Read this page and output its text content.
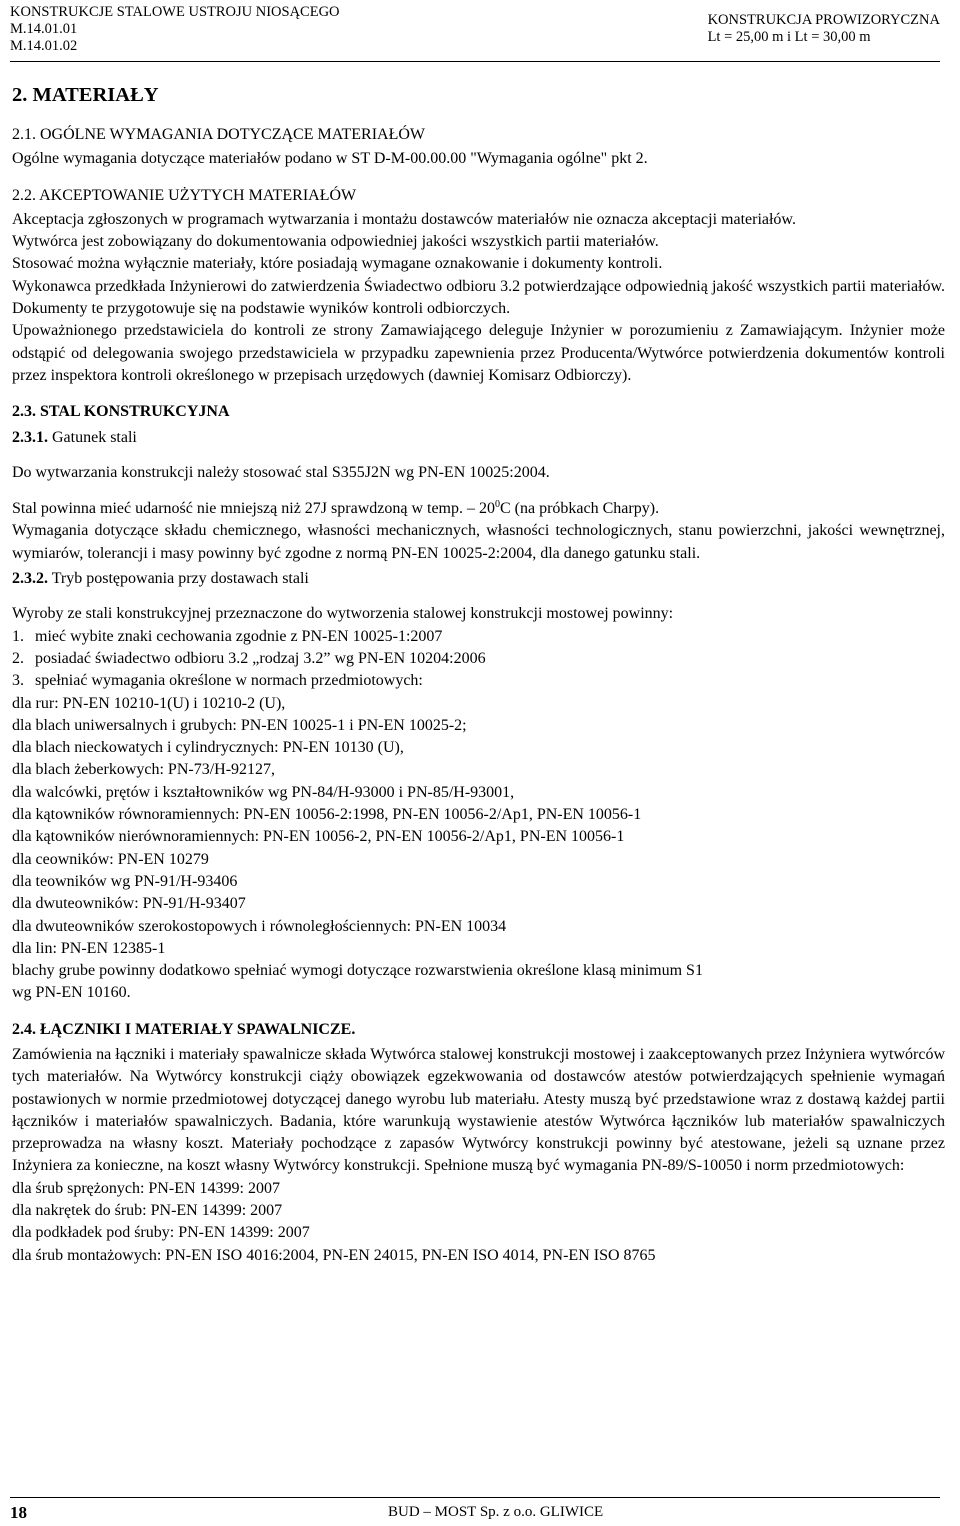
KONSTRUKCJE STALOWE USTROJU NIOSĄCEGO
M.14.01.01
M.14.01.02
KONSTRUKCJA PROWIZORYCZNA
Lt = 25,00 m i Lt = 30,00 m

2. MATERIAŁY

2.1. OGÓLNE WYMAGANIA DOTYCZĄCE MATERIAŁÓW

Ogólne wymagania dotyczące materiałów podano w ST D-M-00.00.00 "Wymagania ogólne" pkt 2.

2.2. AKCEPTOWANIE UŻYTYCH MATERIAŁÓW

Akceptacja zgłoszonych w programach wytwarzania i montażu dostawców materiałów nie oznacza akceptacji materiałów.

Wytwórca jest zobowiązany do dokumentowania odpowiedniej jakości wszystkich partii materiałów.

Stosować można wyłącznie materiały, które posiadają wymagane oznakowanie i dokumenty kontroli.

Wykonawca przedkłada Inżynierowi do zatwierdzenia Świadectwo odbioru 3.2 potwierdzające odpowiednią jakość wszystkich partii materiałów. Dokumenty te przygotowuje się na podstawie wyników kontroli odbiorczych.

Upoważnionego przedstawiciela do kontroli ze strony Zamawiającego deleguje Inżynier w porozumieniu z Zamawiającym. Inżynier może odstąpić od delegowania swojego przedstawiciela w przypadku zapewnienia przez Producenta/Wytwórce potwierdzenia dokumentów kontroli przez inspektora kontroli określonego w przepisach urzędowych (dawniej Komisarz Odbiorczy).

2.3. STAL KONSTRUKCYJNA

2.3.1. Gatunek stali

Do wytwarzania konstrukcji należy stosować stal S355J2N wg PN-EN 10025:2004.

Stal powinna mieć udarność nie mniejszą niż 27J sprawdzoną w temp. – $20^0C$ (na próbkach Charpy).

Wymagania dotyczące składu chemicznego, własności mechanicznych, własności technologicznych, stanu powierzchni, jakości wewnętrznej, wymiarów, tolerancji i masy powinny być zgodne z normą PN-EN 10025-2:2004, dla danego gatunku stali.

2.3.2. Tryb postępowania przy dostawach stali

Wyroby ze stali konstrukcyjnej przeznaczone do wytworzenia stalowej konstrukcji mostowej powinny:

1. mieć wybite znaki cechowania zgodnie z PN-EN 10025-1:2007

2. posiadać świadectwo odbioru 3.2 „rodzaj 3.2” wg PN-EN 10204:2006

3. spełniać wymagania określone w normach przedmiotowych:

dla rur: PN-EN 10210-1(U) i 10210-2 (U),

dla blach uniwersalnych i grubych: PN-EN 10025-1 i PN-EN 10025-2;

dla blach nieckowatych i cylindrycznych: PN-EN 10130 (U),

dla blach żeberkowych: PN-73/H-92127,

dla walcówki, prętów i kształtowników wg PN-84/H-93000 i PN-85/H-93001,

dla kątowników równoramiennych: PN-EN 10056-2:1998, PN-EN 10056-2/Ap1, PN-EN 10056-1

dla kątowników nierównoramiennych: PN-EN 10056-2, PN-EN 10056-2/Ap1, PN-EN 10056-1

dla ceowników: PN-EN 10279

dla teowników wg PN-91/H-93406

dla dwuteowników: PN-91/H-93407

dla dwuteowników szerokostopowych i równoległościennych: PN-EN 10034

dla lin: PN-EN 12385-1

blachy grube powinny dodatkowo spełniać wymogi dotyczące rozwarstwienia określone klasą minimum S1

wg PN-EN 10160.

2.4. ŁĄCZNIKI I MATERIAŁY SPAWALNICZE.

Zamówienia na łączniki i materiały spawalnicze składa Wytwórca stalowej konstrukcji mostowej i zaakceptowanych przez Inżyniera wytwórców tych materiałów. Na Wytwórcy konstrukcji ciąży obowiązek egzekwowania od dostawców atestów potwierdzających spełnienie wymagań postawionych w normie przedmiotowej dotyczącej danego wyrobu lub materiału. Atesty muszą być przedstawione wraz z dostawą każdej partii łączników i materiałów spawalniczych. Badania, które warunkują wystawienie atestów Wytwórca łączników lub materiałów spawalniczych przeprowadza na własny koszt. Materiały pochodzące z zapasów Wytwórcy konstrukcji powinny być atestowane, jeżeli są uznane przez Inżyniera za konieczne, na koszt własny Wytwórcy konstrukcji. Spełnione muszą być wymagania PN-89/S-10050 i norm przedmiotowych:

dla śrub sprężonych: PN-EN 14399: 2007

dla nakrętek do śrub: PN-EN 14399: 2007

dla podkładek pod śruby: PN-EN 14399: 2007

dla śrub montażowych: PN-EN ISO 4016:2004, PN-EN 24015, PN-EN ISO 4014, PN-EN ISO 8765

18	BUD – MOST Sp. z o.o. GLIWICE
